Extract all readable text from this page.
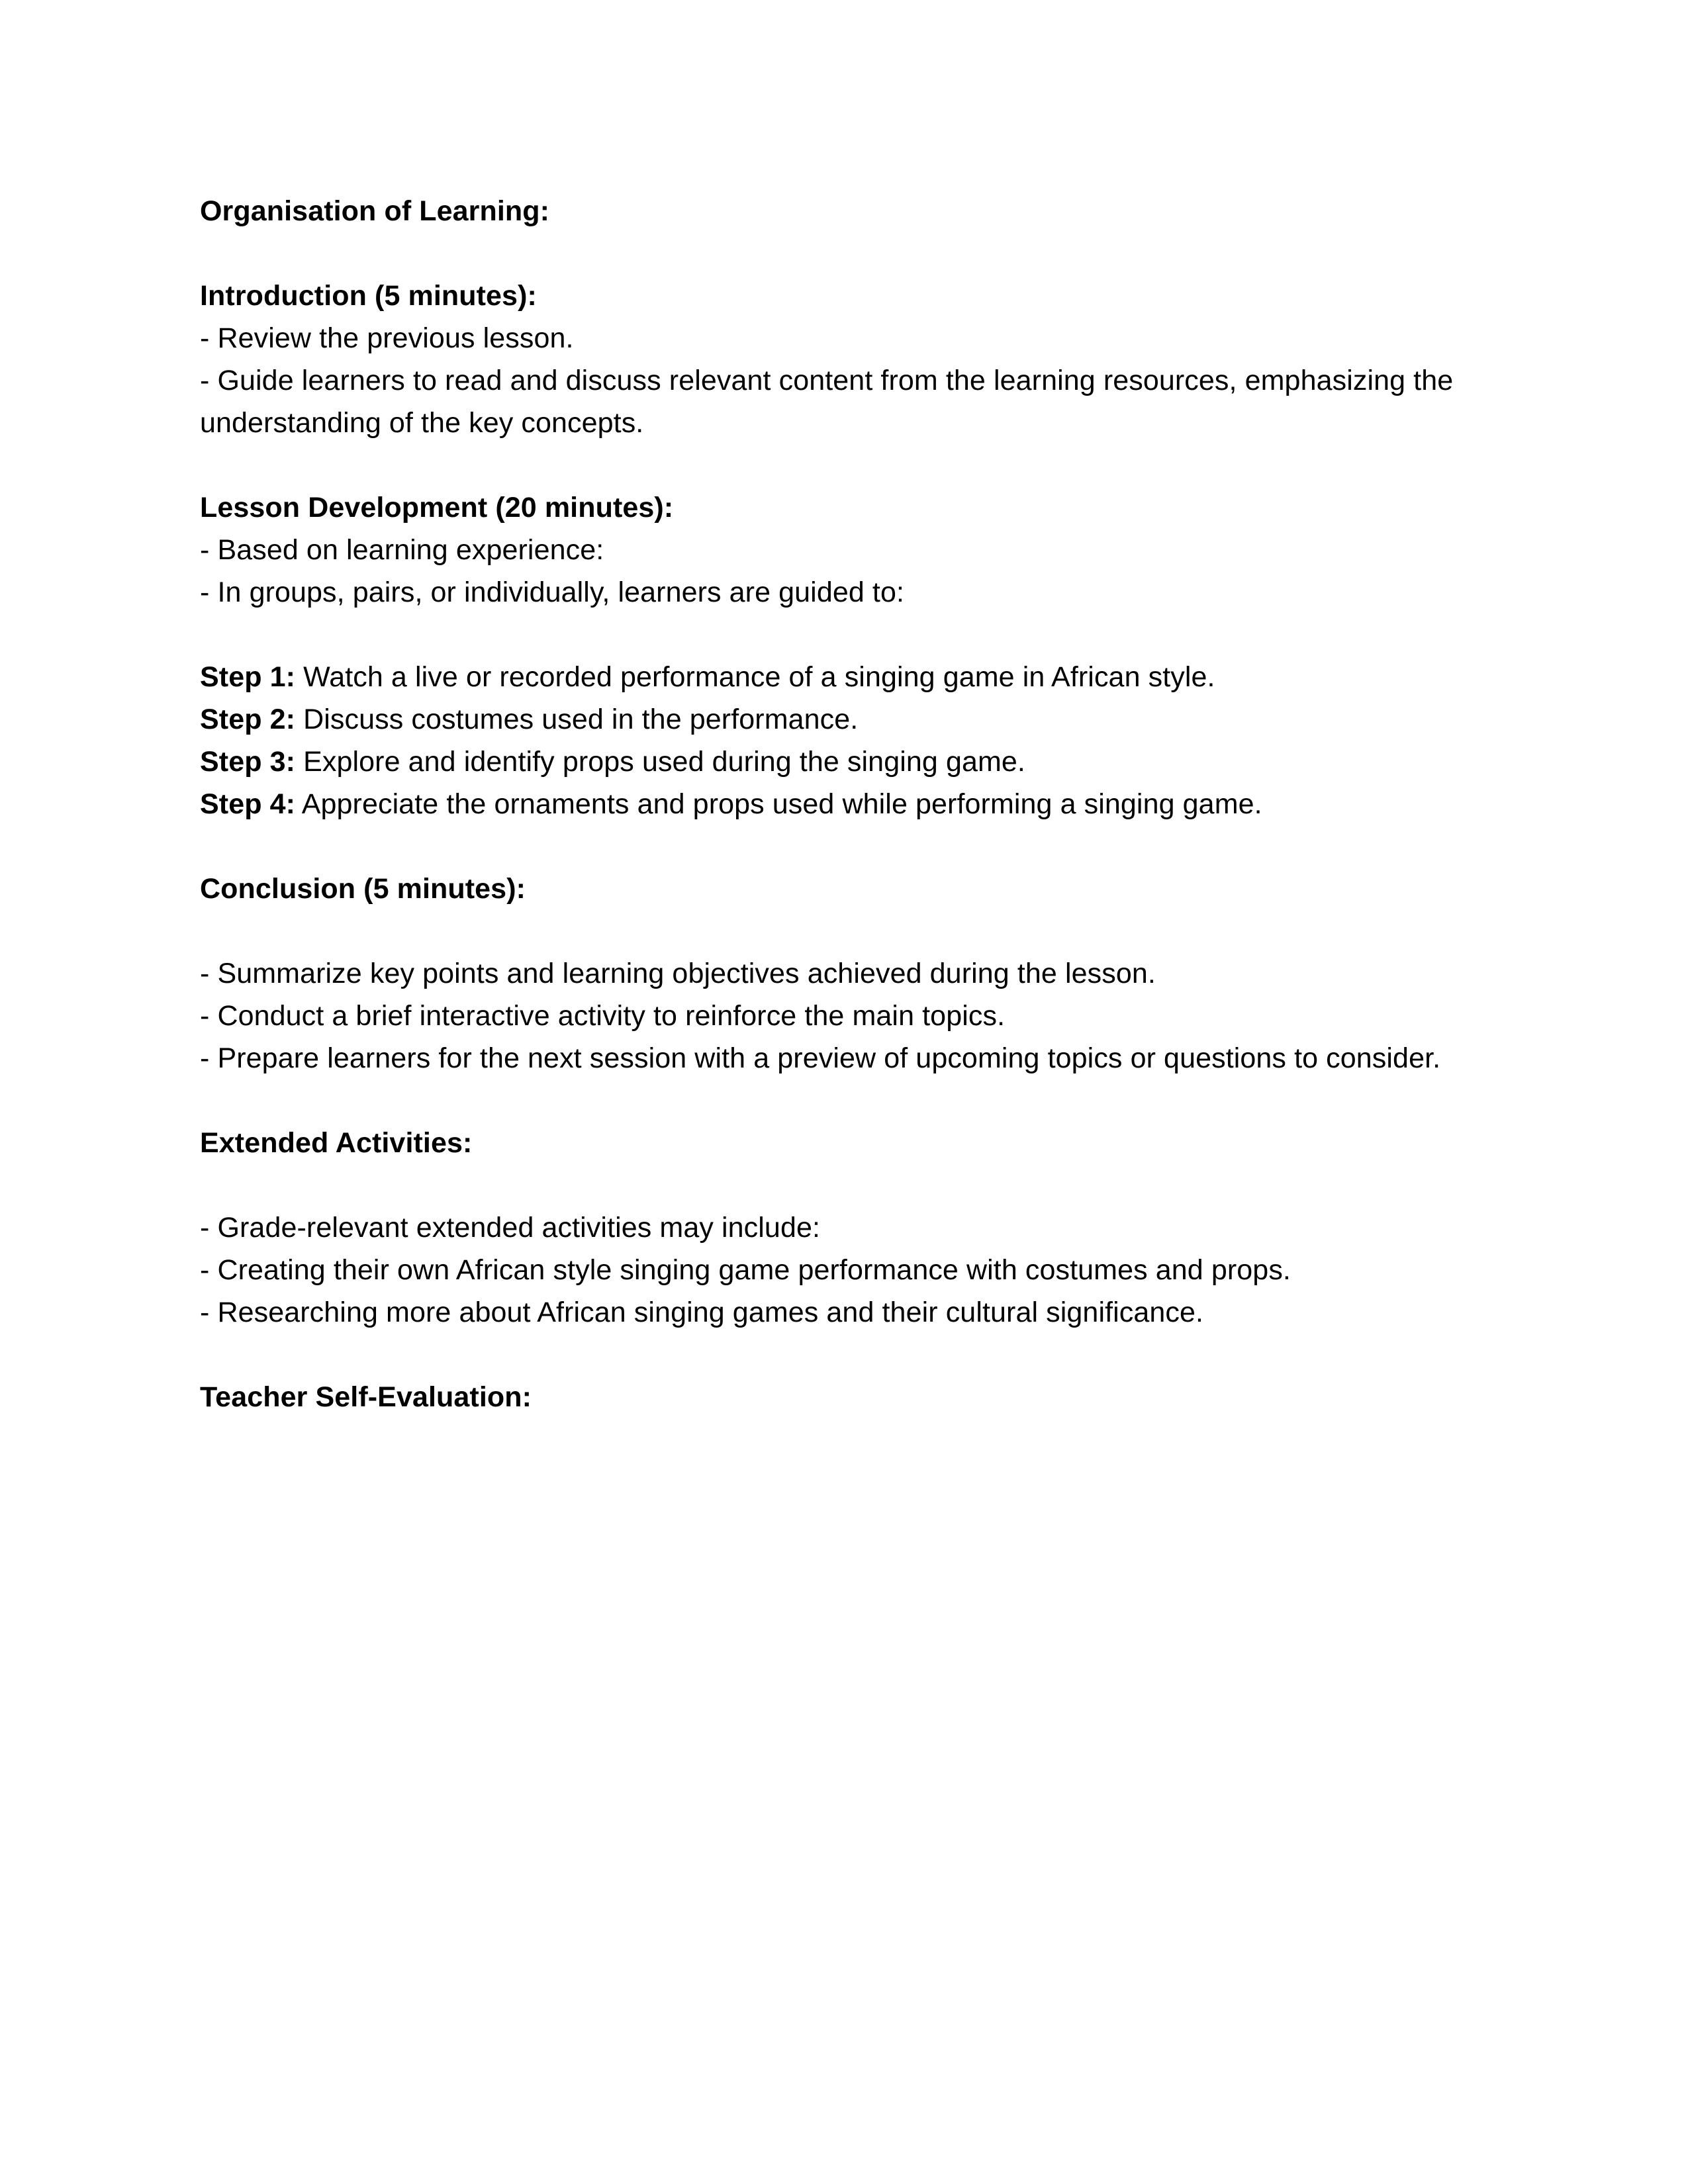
Organisation of Learning:

Introduction (5 minutes):

- Review the previous lesson.

- Guide learners to read and discuss relevant content from the learning resources, emphasizing the understanding of the key concepts.

Lesson Development (20 minutes):

- Based on learning experience:

- In groups, pairs, or individually, learners are guided to:

Step 1: Watch a live or recorded performance of a singing game in African style.

Step 2: Discuss costumes used in the performance.

Step 3: Explore and identify props used during the singing game.

Step 4: Appreciate the ornaments and props used while performing a singing game.

Conclusion (5 minutes):

- Summarize key points and learning objectives achieved during the lesson.

- Conduct a brief interactive activity to reinforce the main topics.

- Prepare learners for the next session with a preview of upcoming topics or questions to consider.

Extended Activities:

- Grade-relevant extended activities may include:

- Creating their own African style singing game performance with costumes and props.

- Researching more about African singing games and their cultural significance.

Teacher Self-Evaluation:
